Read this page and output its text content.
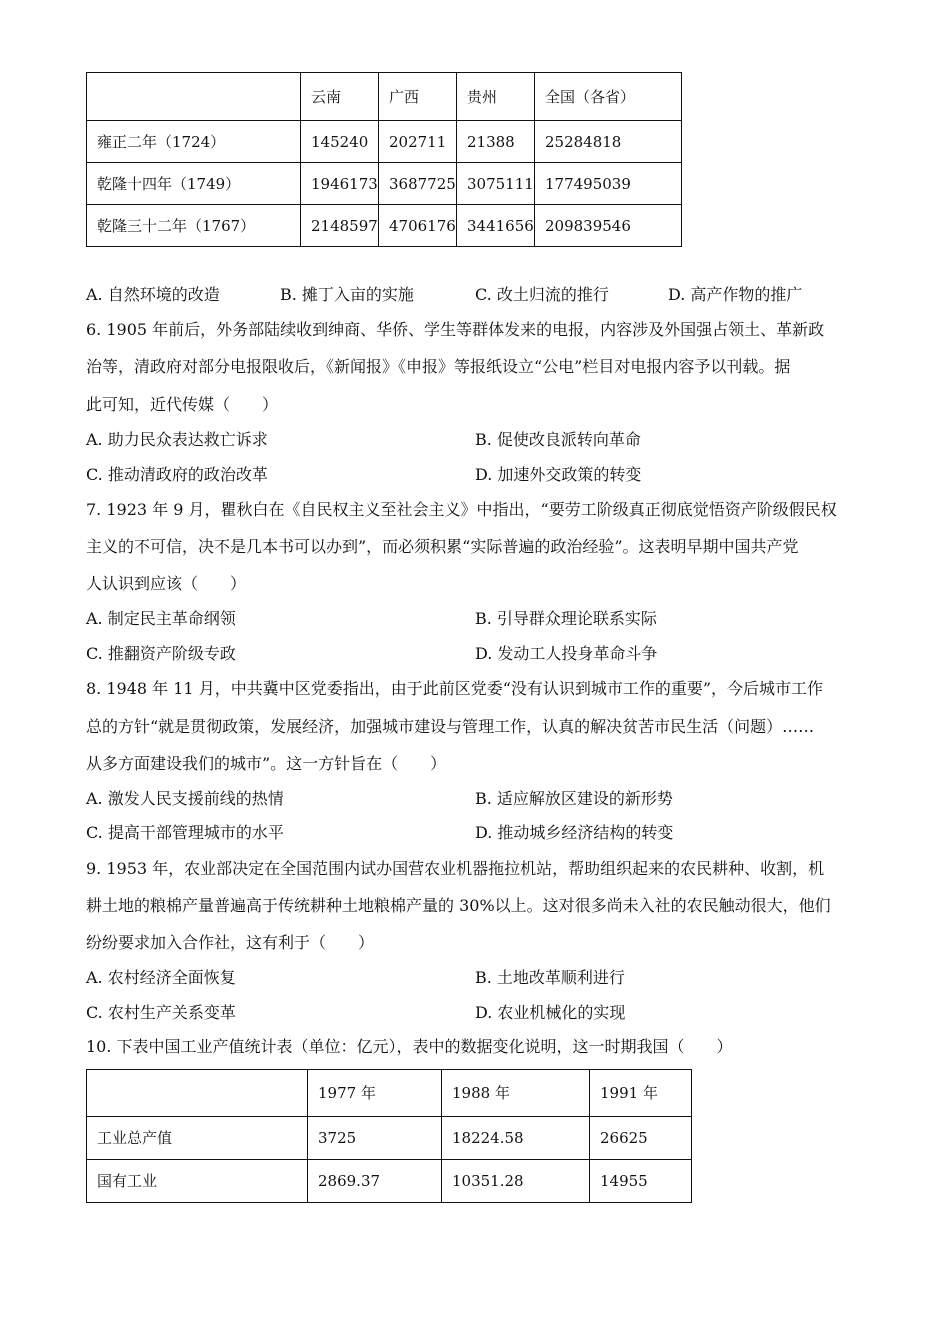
	云南	广西	贵州	全国（各省）
雍正二年（1724）	145240	202711	21388	25284818
乾隆十四年（1749）	1946173	3687725	3075111	177495039
乾隆三十二年（1767）	2148597	4706176	3441656	209839546
A. 自然环境的改造	B. 摊丁入亩的实施	C. 改土归流的推行	D. 高产作物的推广
6. 1905 年前后，外务部陆续收到绅商、华侨、学生等群体发来的电报，内容涉及外国强占领土、革新政
治等，清政府对部分电报限收后，《新闻报》《申报》等报纸设立“公电”栏目对电报内容予以刊载。据
此可知，近代传媒（　　）
A. 助力民众表达救亡诉求	B. 促使改良派转向革命
C. 推动清政府的政治改革	D. 加速外交政策的转变
7. 1923 年 9 月，瞿秋白在《自民权主义至社会主义》中指出，“要劳工阶级真正彻底觉悟资产阶级假民权
主义的不可信，决不是几本书可以办到”，而必须积累“实际普遍的政治经验”。这表明早期中国共产党
人认识到应该（　　）
A. 制定民主革命纲领	B. 引导群众理论联系实际
C. 推翻资产阶级专政	D. 发动工人投身革命斗争
8. 1948 年 11 月，中共冀中区党委指出，由于此前区党委“没有认识到城市工作的重要”，今后城市工作
总的方针“就是贯彻政策，发展经济，加强城市建设与管理工作，认真的解决贫苦市民生活（问题）……
从多方面建设我们的城市”。这一方针旨在（　　）
A. 激发人民支援前线的热情	B. 适应解放区建设的新形势
C. 提高干部管理城市的水平	D. 推动城乡经济结构的转变
9. 1953 年，农业部决定在全国范围内试办国营农业机器拖拉机站，帮助组织起来的农民耕种、收割，机
耕土地的粮棉产量普遍高于传统耕种土地粮棉产量的 30%以上。这对很多尚未入社的农民触动很大，他们
纷纷要求加入合作社，这有利于（　　）
A. 农村经济全面恢复	B. 土地改革顺利进行
C. 农村生产关系变革	D. 农业机械化的实现
10. 下表中国工业产值统计表（单位：亿元），表中的数据变化说明，这一时期我国（　　）
	1977 年	1988 年	1991 年
工业总产值	3725	18224.58	26625
国有工业	2869.37	10351.28	14955
